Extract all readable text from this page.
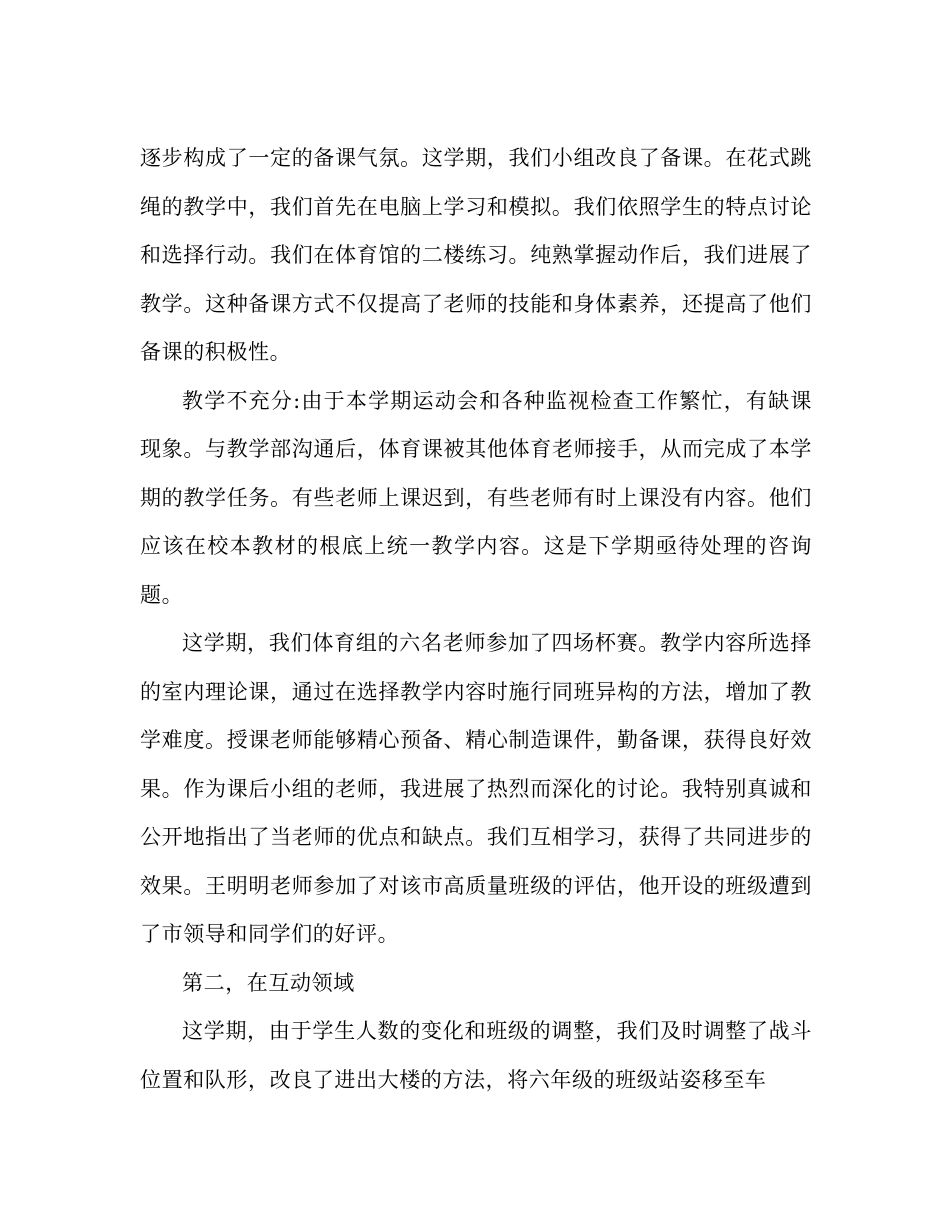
逐步构成了一定的备课气氛。这学期，我们小组改良了备课。在花式跳绳的教学中，我们首先在电脑上学习和模拟。我们依照学生的特点讨论和选择行动。我们在体育馆的二楼练习。纯熟掌握动作后，我们进展了教学。这种备课方式不仅提高了老师的技能和身体素养，还提高了他们备课的积极性。

教学不充分:由于本学期运动会和各种监视检查工作繁忙，有缺课现象。与教学部沟通后，体育课被其他体育老师接手，从而完成了本学期的教学任务。有些老师上课迟到，有些老师有时上课没有内容。他们应该在校本教材的根底上统一教学内容。这是下学期亟待处理的咨询题。

这学期，我们体育组的六名老师参加了四场杯赛。教学内容所选择的室内理论课，通过在选择教学内容时施行同班异构的方法，增加了教学难度。授课老师能够精心预备、精心制造课件，勤备课，获得良好效果。作为课后小组的老师，我进展了热烈而深化的讨论。我特别真诚和公开地指出了当老师的优点和缺点。我们互相学习，获得了共同进步的效果。王明明老师参加了对该市高质量班级的评估，他开设的班级遭到了市领导和同学们的好评。

第二，在互动领域

这学期，由于学生人数的变化和班级的调整，我们及时调整了战斗位置和队形，改良了进出大楼的方法，将六年级的班级站姿移至车
